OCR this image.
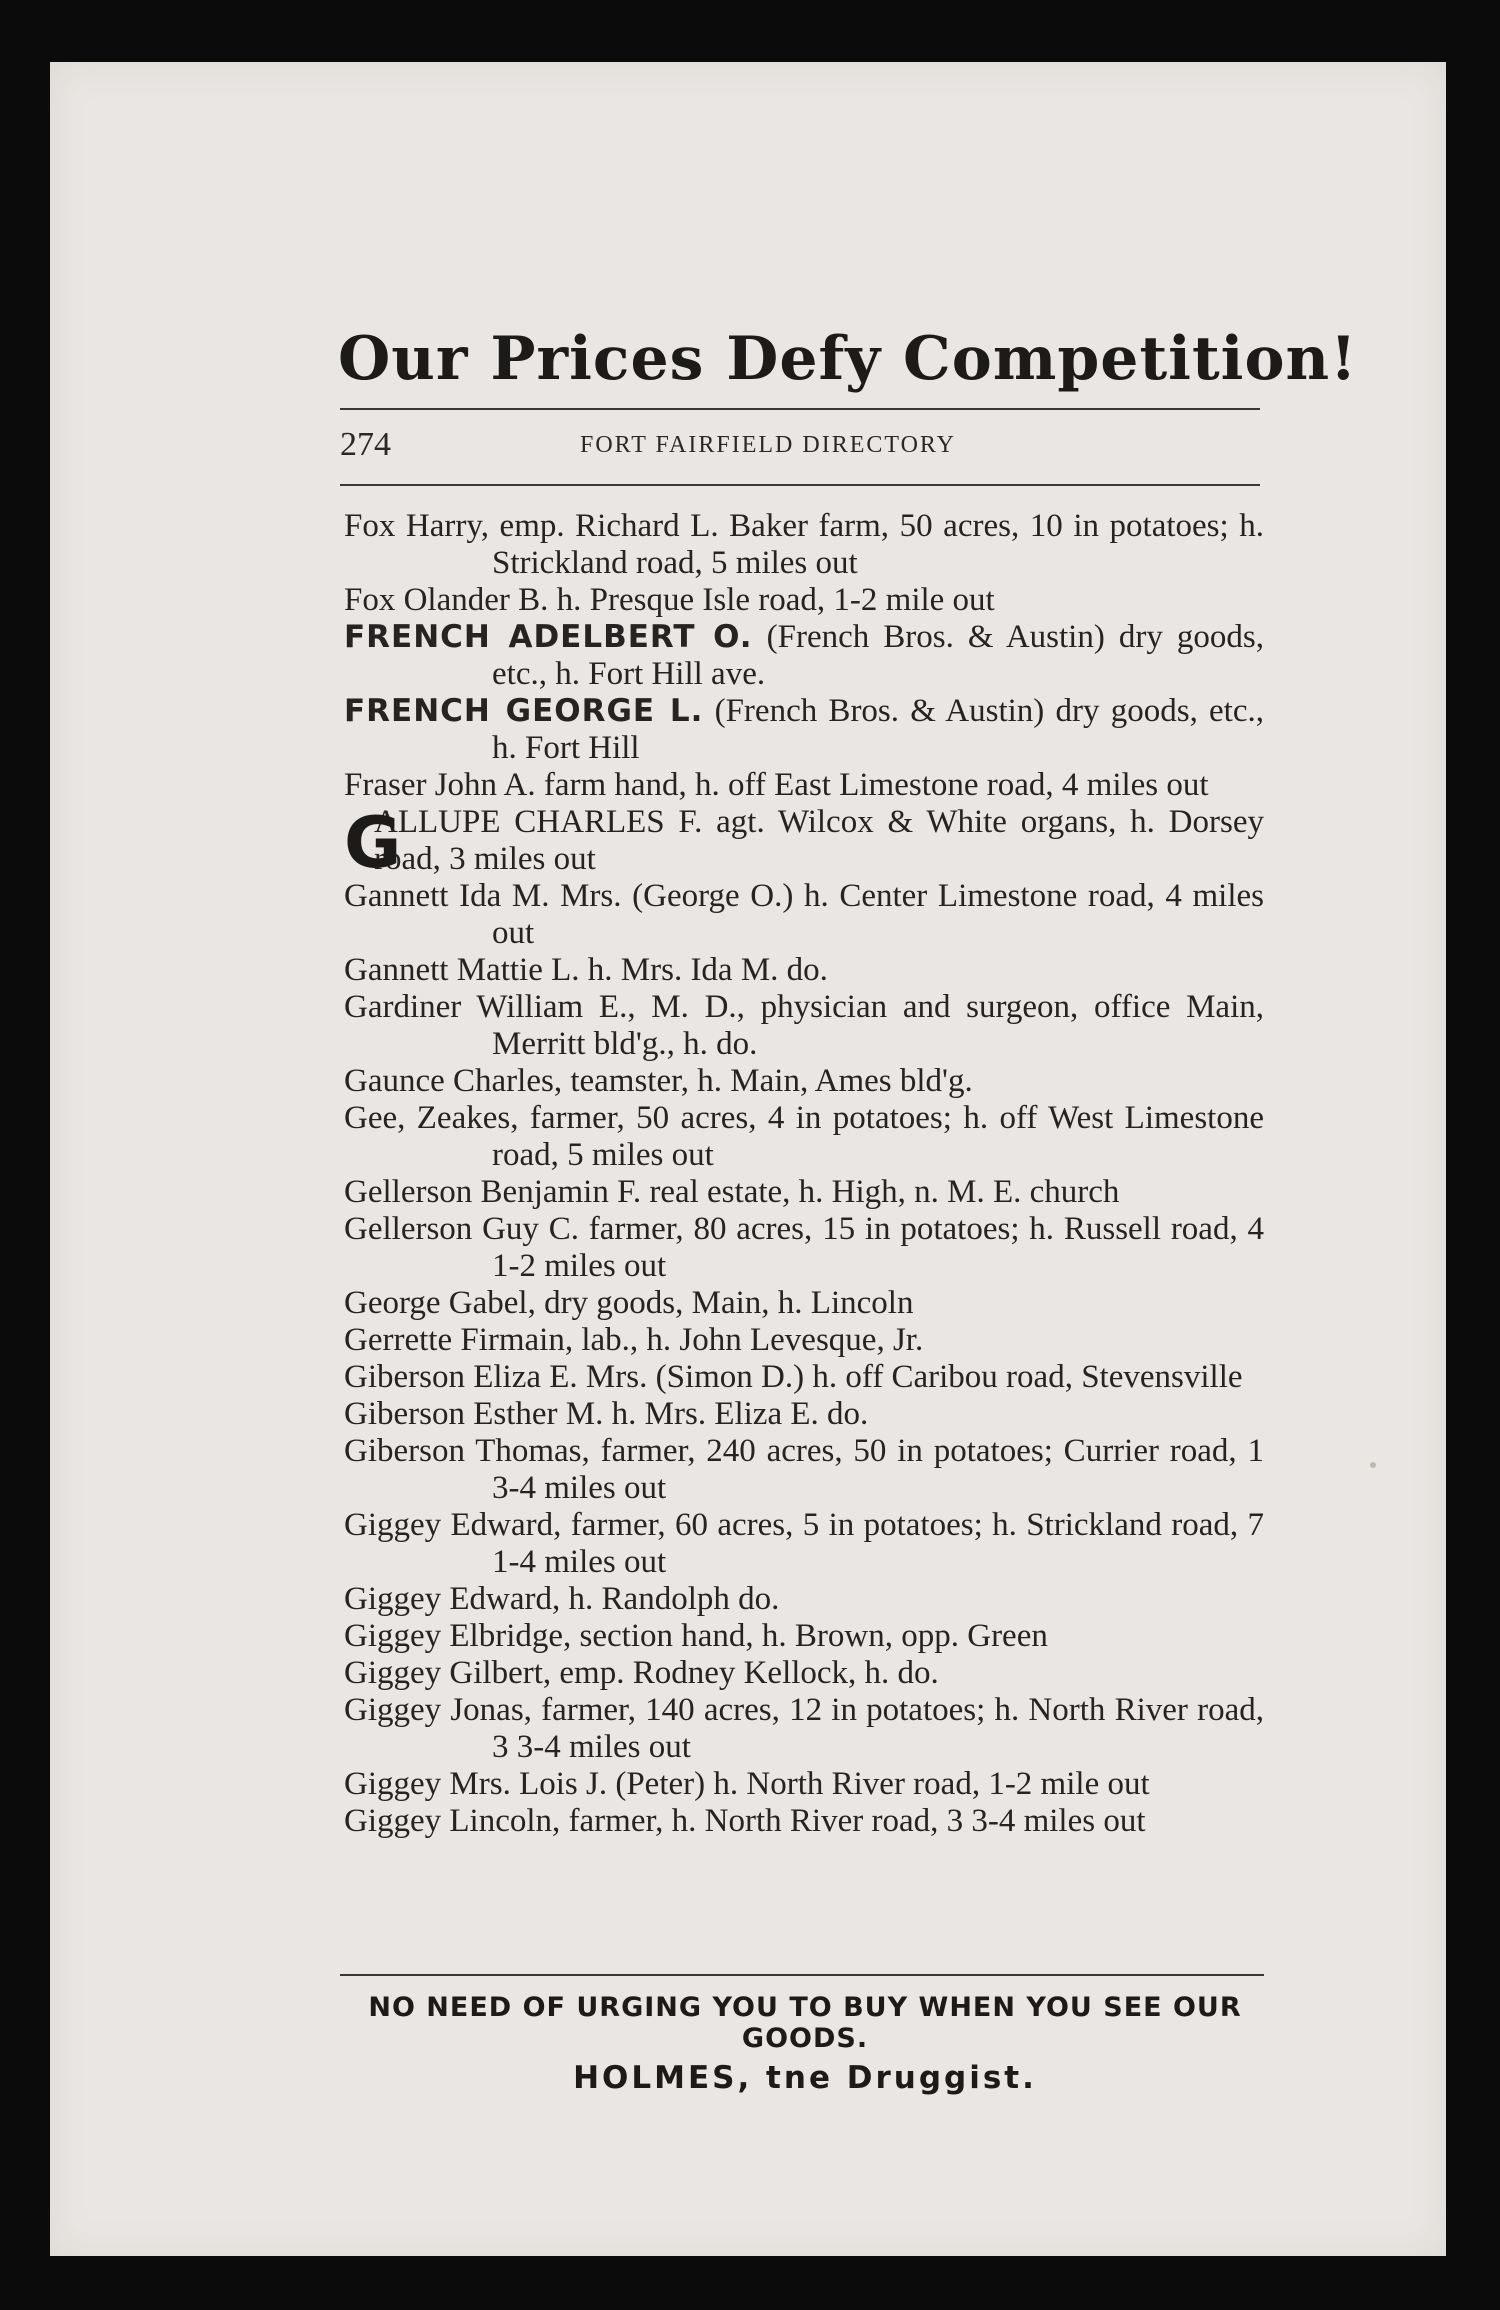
Our Prices Defy Competition!
274	FORT FAIRFIELD DIRECTORY

Fox Harry, emp. Richard L. Baker farm, 50 acres, 10 in potatoes; h. Strickland road, 5 miles out

Fox Olander B. h. Presque Isle road, 1-2 mile out

FRENCH ADELBERT O. (French Bros. & Austin) dry goods, etc., h. Fort Hill ave.

FRENCH GEORGE L. (French Bros. & Austin) dry goods, etc., h. Fort Hill

Fraser John A. farm hand, h. off East Limestone road, 4 miles out

G
ALLUPE CHARLES F. agt. Wilcox & White organs, h. Dorsey road, 3 miles out

Gannett Ida M. Mrs. (George O.) h. Center Limestone road, 4 miles out

Gannett Mattie L. h. Mrs. Ida M. do.

Gardiner William E., M. D., physician and surgeon, office Main, Merritt bld'g., h. do.

Gaunce Charles, teamster, h. Main, Ames bld'g.

Gee, Zeakes, farmer, 50 acres, 4 in potatoes; h. off West Limestone road, 5 miles out

Gellerson Benjamin F. real estate, h. High, n. M. E. church

Gellerson Guy C. farmer, 80 acres, 15 in potatoes; h. Russell road, 4 1-2 miles out

George Gabel, dry goods, Main, h. Lincoln

Gerrette Firmain, lab., h. John Levesque, Jr.

Giberson Eliza E. Mrs. (Simon D.) h. off Caribou road, Stevensville

Giberson Esther M. h. Mrs. Eliza E. do.

Giberson Thomas, farmer, 240 acres, 50 in potatoes; Currier road, 1 3-4 miles out

Giggey Edward, farmer, 60 acres, 5 in potatoes; h. Strickland road, 7 1-4 miles out

Giggey Edward, h. Randolph do.

Giggey Elbridge, section hand, h. Brown, opp. Green

Giggey Gilbert, emp. Rodney Kellock, h. do.

Giggey Jonas, farmer, 140 acres, 12 in potatoes; h. North River road, 3 3-4 miles out

Giggey Mrs. Lois J. (Peter) h. North River road, 1-2 mile out

Giggey Lincoln, farmer, h. North River road, 3 3-4 miles out

NO NEED OF URGING YOU TO BUY WHEN YOU SEE OUR GOODS.

HOLMES, tne Druggist.
